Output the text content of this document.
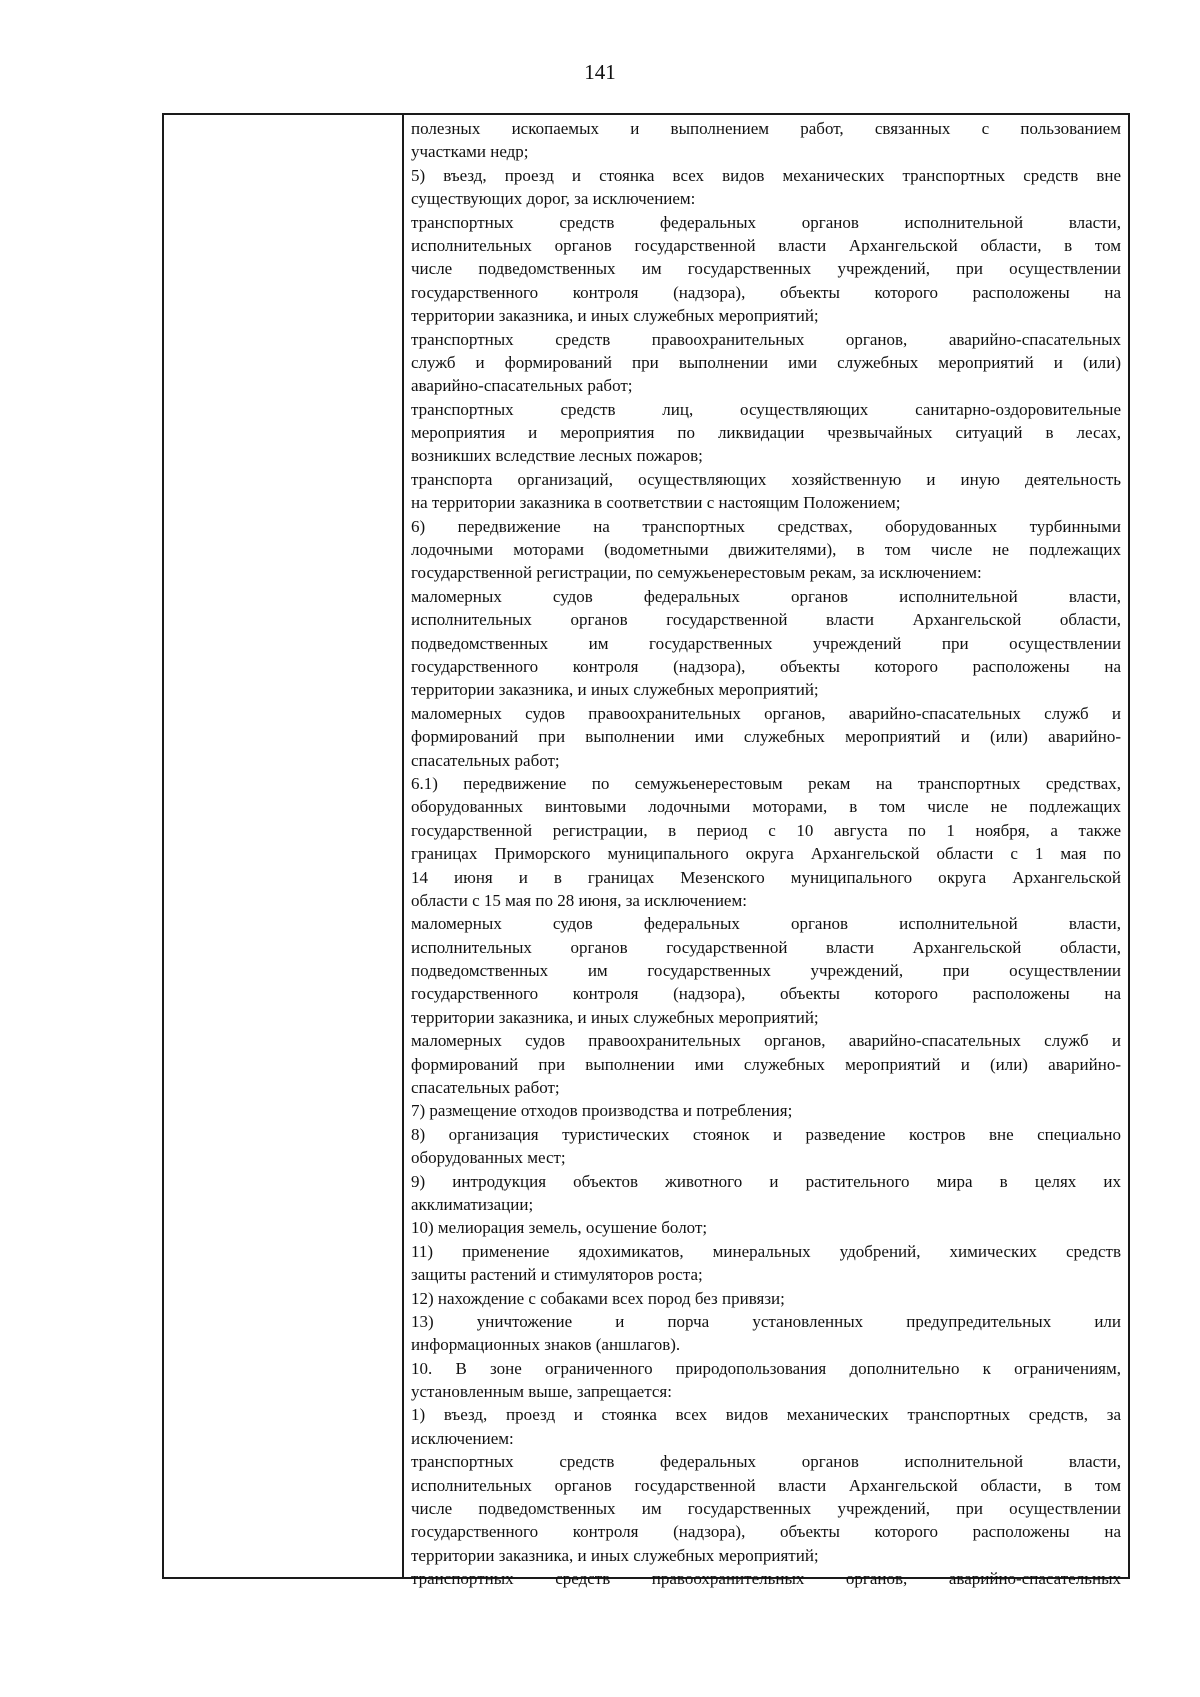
141
полезных ископаемых и выполнением работ, связанных с пользованием
участками недр;
5) въезд, проезд и стоянка всех видов механических транспортных средств вне
существующих дорог, за исключением:
транспортных средств федеральных органов исполнительной власти,
исполнительных органов государственной власти Архангельской области, в том
числе подведомственных им государственных учреждений, при осуществлении
государственного контроля (надзора), объекты которого расположены на
территории заказника, и иных служебных мероприятий;
транспортных средств правоохранительных органов, аварийно-спасательных
служб и формирований при выполнении ими служебных мероприятий и (или)
аварийно-спасательных работ;
транспортных средств лиц, осуществляющих санитарно-оздоровительные
мероприятия и мероприятия по ликвидации чрезвычайных ситуаций в лесах,
возникших вследствие лесных пожаров;
транспорта организаций, осуществляющих хозяйственную и иную деятельность
на территории заказника в соответствии с настоящим Положением;
6) передвижение на транспортных средствах, оборудованных турбинными
лодочными моторами (водометными движителями), в том числе не подлежащих
государственной регистрации, по семужьенерестовым рекам, за исключением:
маломерных судов федеральных органов исполнительной власти,
исполнительных органов государственной власти Архангельской области,
подведомственных им государственных учреждений при осуществлении
государственного контроля (надзора), объекты которого расположены на
территории заказника, и иных служебных мероприятий;
маломерных судов правоохранительных органов, аварийно-спасательных служб и
формирований при выполнении ими служебных мероприятий и (или) аварийно-
спасательных работ;
6.1) передвижение по семужьенерестовым рекам на транспортных средствах,
оборудованных винтовыми лодочными моторами, в том числе не подлежащих
государственной регистрации, в период с 10 августа по 1 ноября, а также
границах Приморского муниципального округа Архангельской области с 1 мая по
14 июня и в границах Мезенского муниципального округа Архангельской
области с 15 мая по 28 июня, за исключением:
маломерных судов федеральных органов исполнительной власти,
исполнительных органов государственной власти Архангельской области,
подведомственных им государственных учреждений, при осуществлении
государственного контроля (надзора), объекты которого расположены на
территории заказника, и иных служебных мероприятий;
маломерных судов правоохранительных органов, аварийно-спасательных служб и
формирований при выполнении ими служебных мероприятий и (или) аварийно-
спасательных работ;
7) размещение отходов производства и потребления;
8) организация туристических стоянок и разведение костров вне специально
оборудованных мест;
9) интродукция объектов животного и растительного мира в целях их
акклиматизации;
10) мелиорация земель, осушение болот;
11) применение ядохимикатов, минеральных удобрений, химических средств
защиты растений и стимуляторов роста;
12) нахождение с собаками всех пород без привязи;
13) уничтожение и порча установленных предупредительных или
информационных знаков (аншлагов).
10. В зоне ограниченного природопользования дополнительно к ограничениям,
установленным выше, запрещается:
1) въезд, проезд и стоянка всех видов механических транспортных средств, за
исключением:
транспортных средств федеральных органов исполнительной власти,
исполнительных органов государственной власти Архангельской области, в том
числе подведомственных им государственных учреждений, при осуществлении
государственного контроля (надзора), объекты которого расположены на
территории заказника, и иных служебных мероприятий;
транспортных средств правоохранительных органов, аварийно-спасательных
